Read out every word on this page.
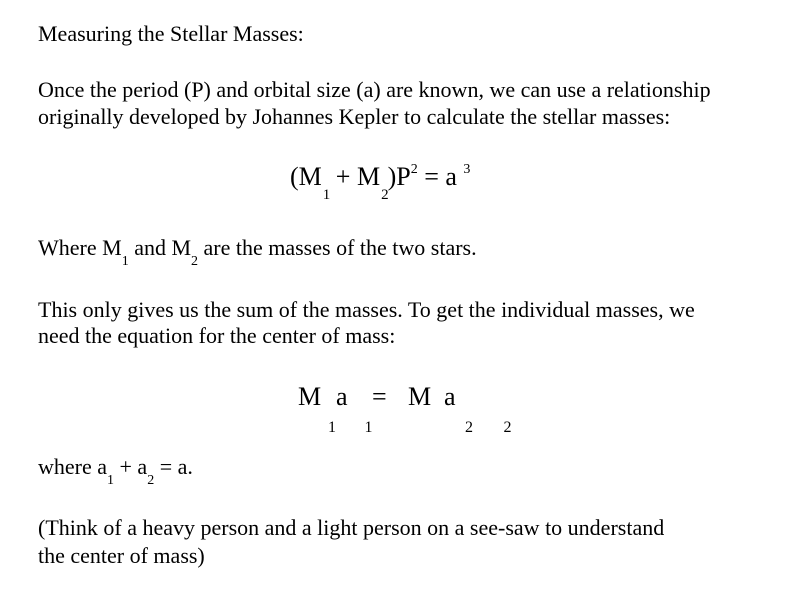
Measuring the Stellar Masses:

Once the period (P) and orbital size (a) are known, we can use a relationship

originally developed by Johannes Kepler to calculate the stellar masses:

$(M_1 + M_2)P^2 = a$ $^3$

Where $M_1$ and $M_2$ are the masses of the two stars.

This only gives us the sum of the masses. To get the individual masses, we

need the equation for the center of mass:

M
$_1$
a
$_1$
= M
$_2$
a
$_2$

where $a_1 + a_2 = a$.

(Think of a heavy person and a light person on a see-saw to understand

the center of mass)
